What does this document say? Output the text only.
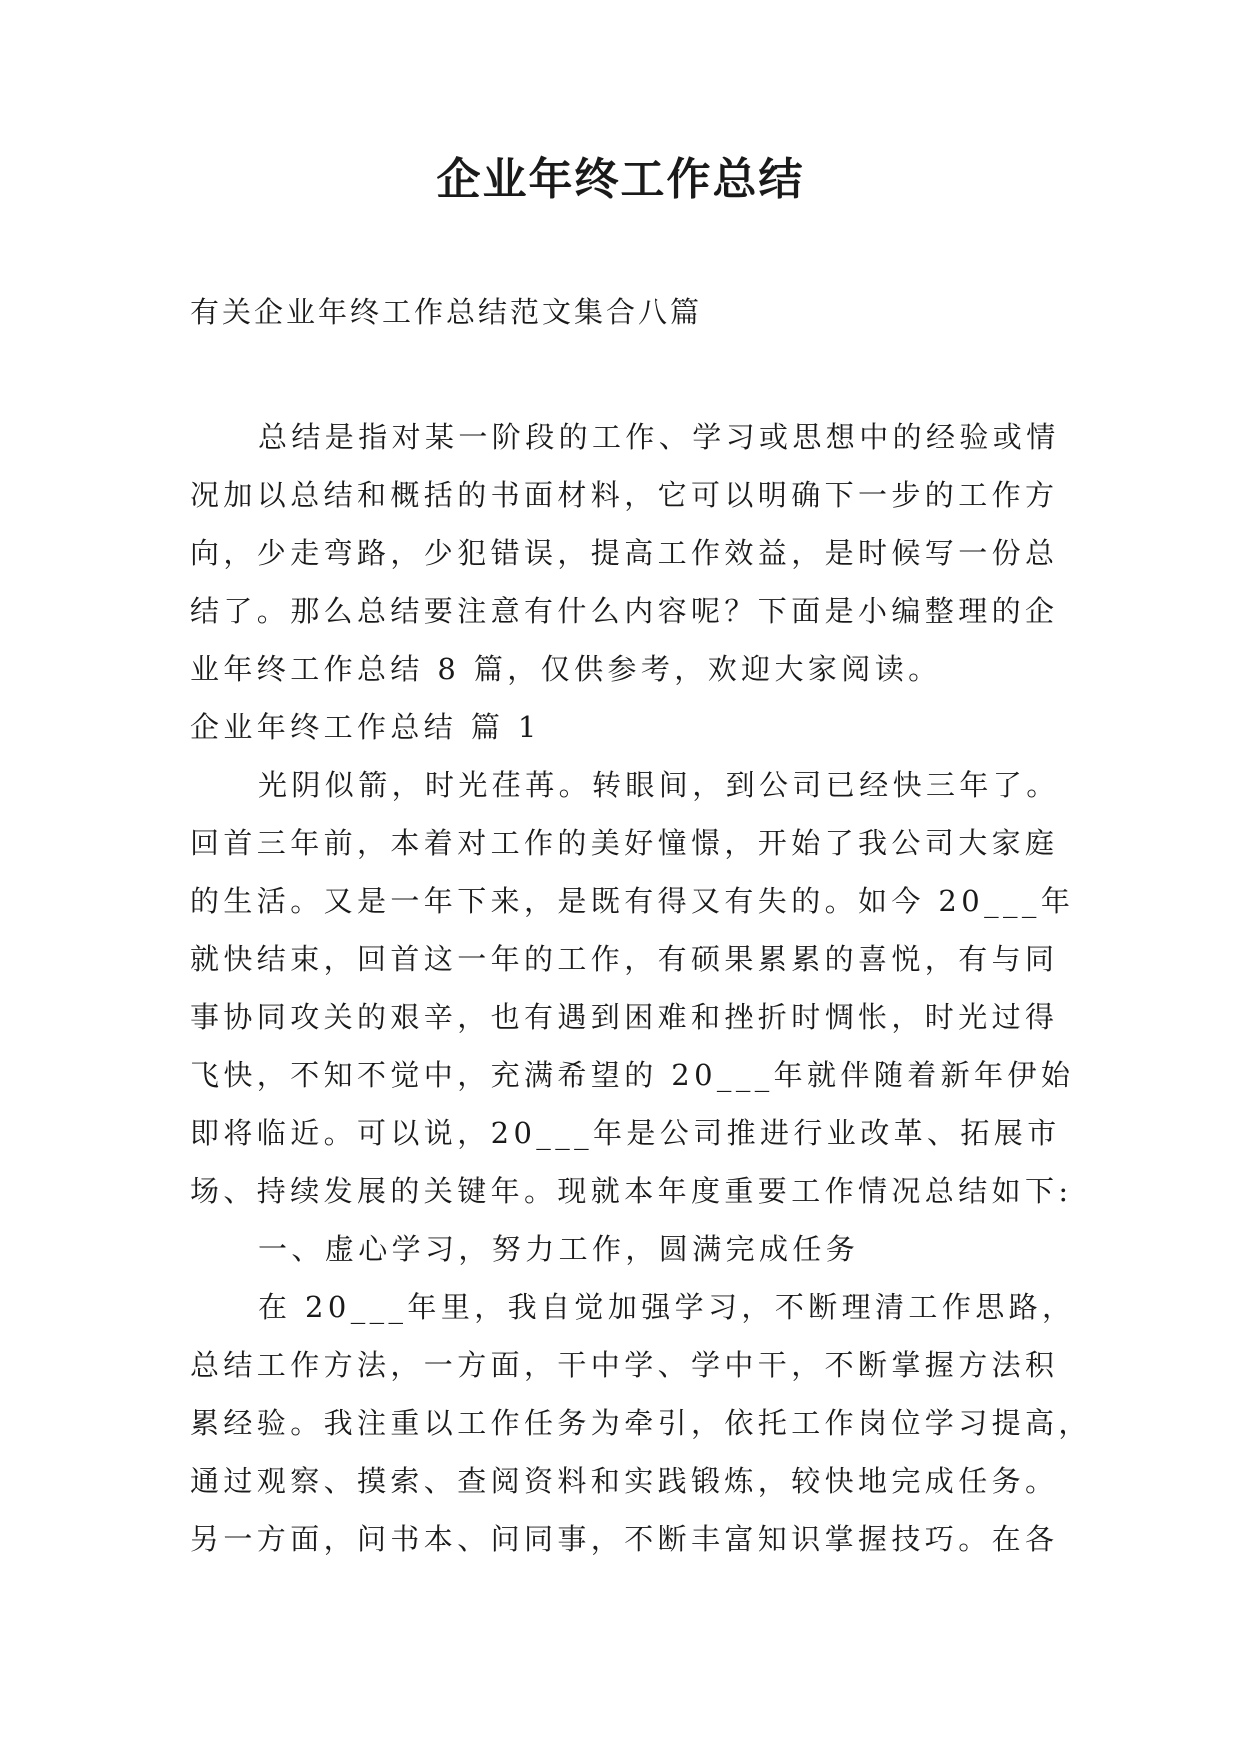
企业年终工作总结

有关企业年终工作总结范文集合八篇

总结是指对某一阶段的工作、学习或思想中的经验或情
况加以总结和概括的书面材料，它可以明确下一步的工作方
向，少走弯路，少犯错误，提高工作效益，是时候写一份总
结了。那么总结要注意有什么内容呢？下面是小编整理的企
业年终工作总结 8 篇，仅供参考，欢迎大家阅读。
企业年终工作总结 篇 1
光阴似箭，时光荏苒。转眼间，到公司已经快三年了。
回首三年前，本着对工作的美好憧憬，开始了我公司大家庭
的生活。又是一年下来，是既有得又有失的。如今 20___年
就快结束，回首这一年的工作，有硕果累累的喜悦，有与同
事协同攻关的艰辛，也有遇到困难和挫折时惆怅，时光过得
飞快，不知不觉中，充满希望的 20___年就伴随着新年伊始
即将临近。可以说，20___年是公司推进行业改革、拓展市
场、持续发展的关键年。现就本年度重要工作情况总结如下:
一、虚心学习，努力工作，圆满完成任务
在 20___年里，我自觉加强学习，不断理清工作思路，
总结工作方法，一方面，干中学、学中干，不断掌握方法积
累经验。我注重以工作任务为牵引，依托工作岗位学习提高，
通过观察、摸索、查阅资料和实践锻炼，较快地完成任务。
另一方面，问书本、问同事，不断丰富知识掌握技巧。在各
